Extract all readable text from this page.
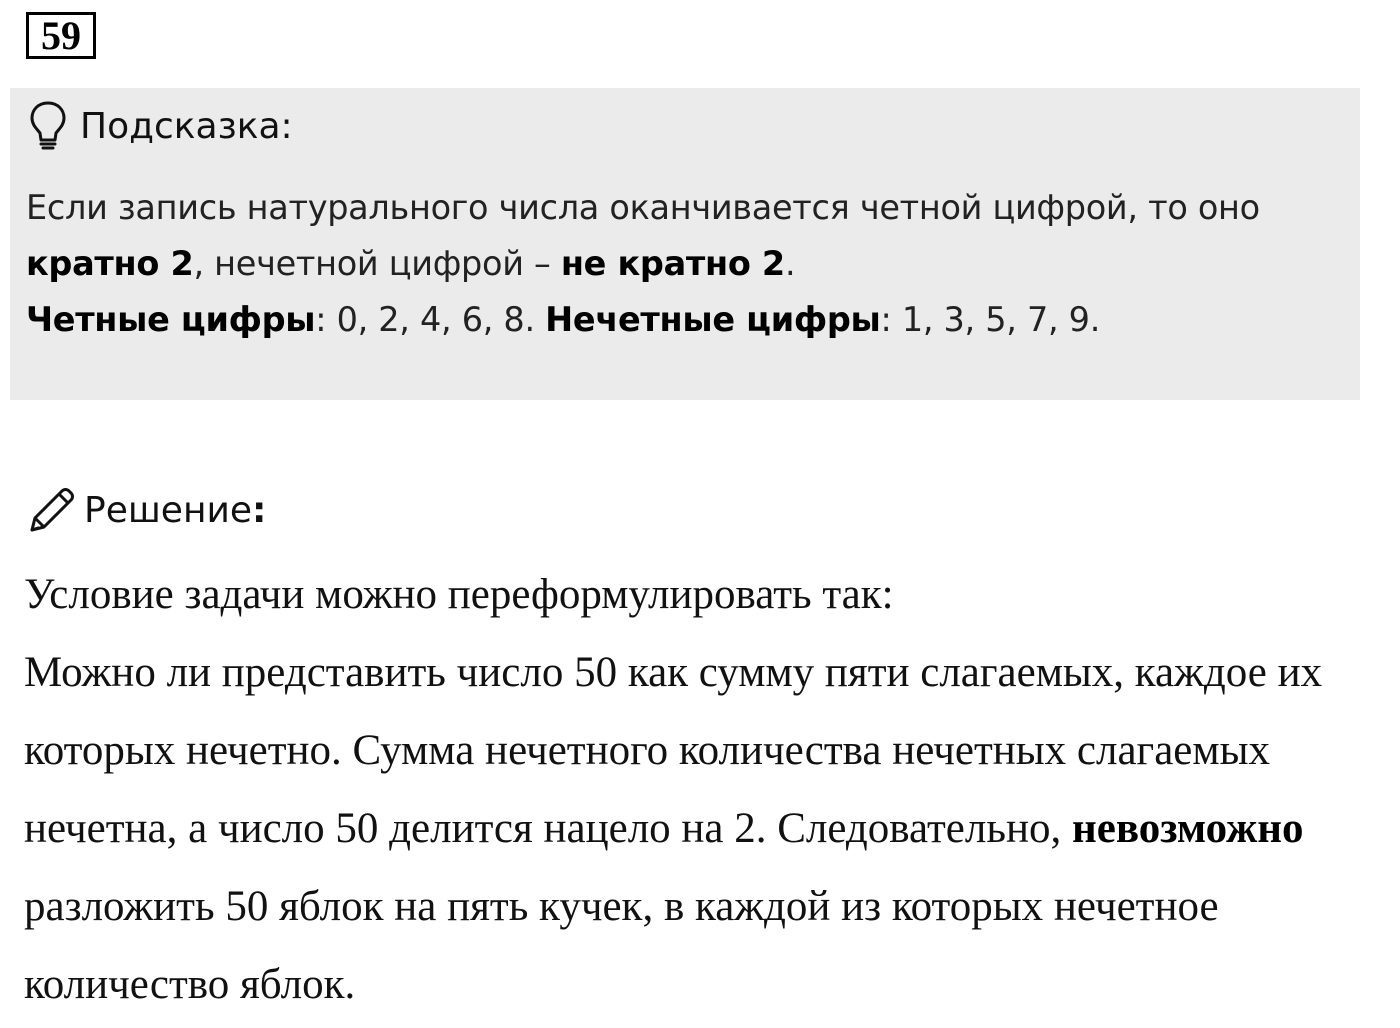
59
Подсказка:
Если запись натурального числа оканчивается четной цифрой, то оно кратно 2, нечетной цифрой – не кратно 2.
Четные цифры: 0, 2, 4, 6, 8. Нечетные цифры: 1, 3, 5, 7, 9.
Решение:

Условие задачи можно переформулировать так:

Можно ли представить число 50 как сумму пяти слагаемых, каждое их которых нечетно. Сумма нечетного количества нечетных слагаемых нечетна, а число 50 делится нацело на 2. Следовательно, невозможно разложить 50 яблок на пять кучек, в каждой из которых нечетное количество яблок.
